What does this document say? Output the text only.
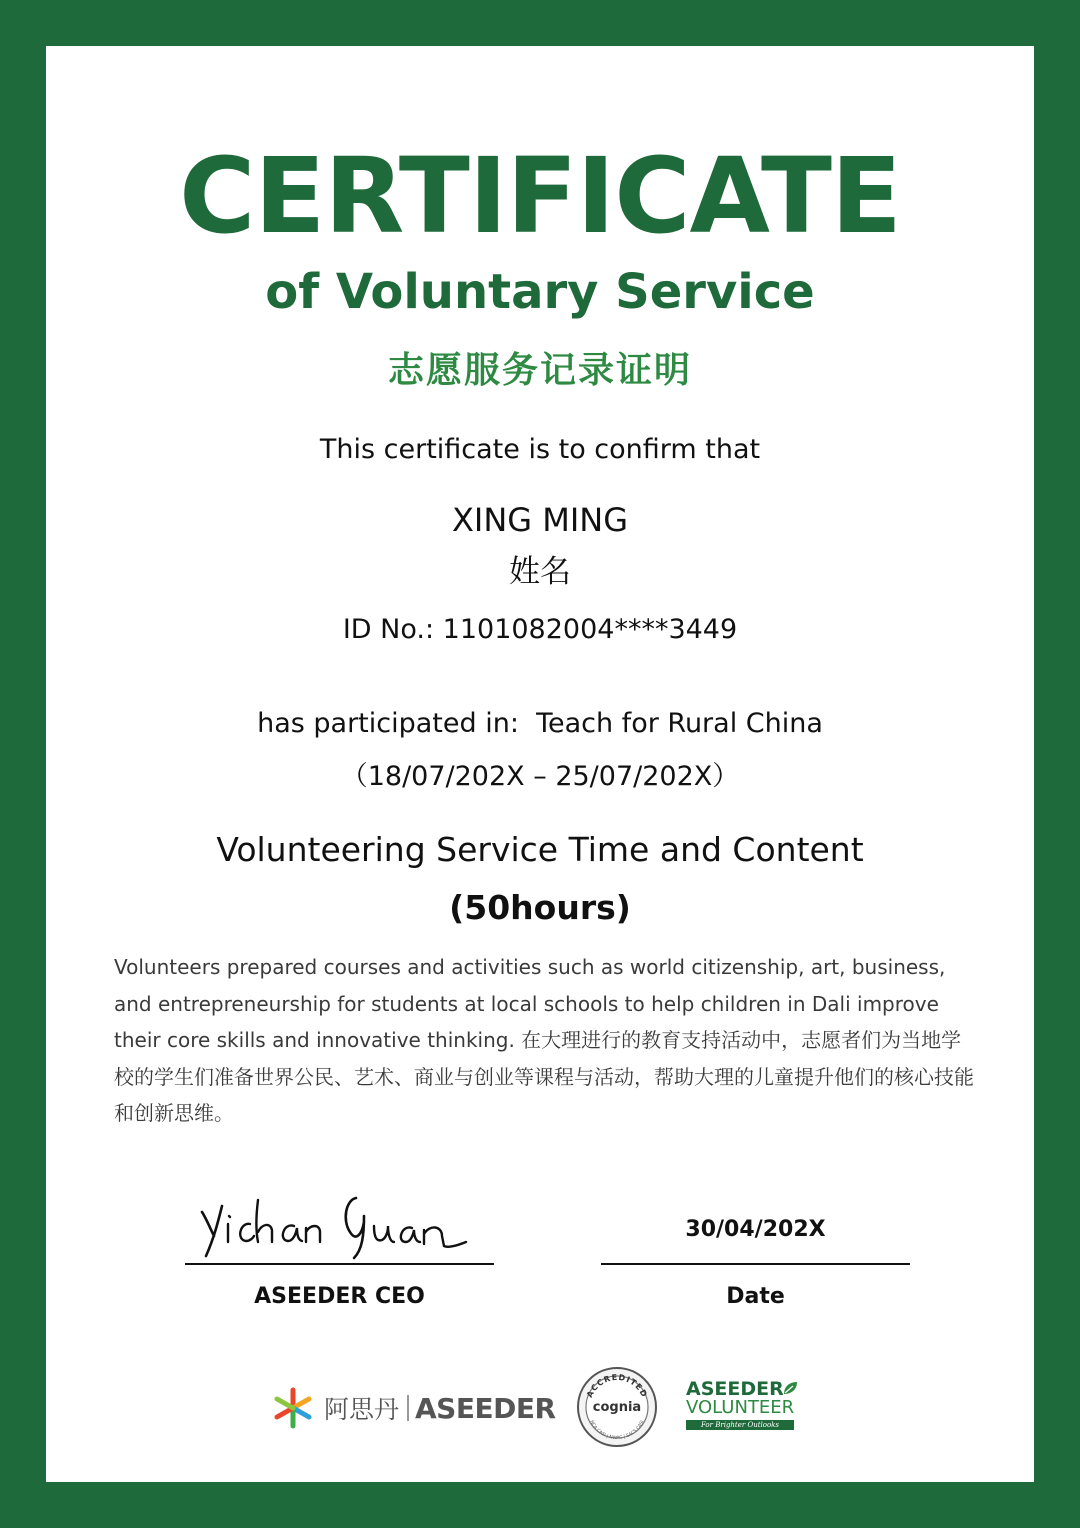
CERTIFICATE
of Voluntary Service
志愿服务记录证明
This certificate is to confirm that
XING MING
姓名
ID No.: 1101082004****3449
has participated in:  Teach for Rural China
（18/07/202X – 25/07/202X）
Volunteering Service Time and Content
(50hours)

Volunteers prepared courses and activities such as world citizenship, art, business, and entrepreneurship for students at local schools to help children in Dali improve their core skills and innovative thinking. 在大理进行的教育支持活动中，志愿者们为当地学校的学生们准备世界公民、艺术、商业与创业等课程与活动，帮助大理的儿童提升他们的核心技能和创新思维。

ASEEDER CEO
30/04/202X
Date
阿思丹 ASEEDER	ACCREDITED
cognia
NCA CASI | NWAC | SACS CASI
ASEEDER
VOLUNTEER
For Brighter Outlooks
